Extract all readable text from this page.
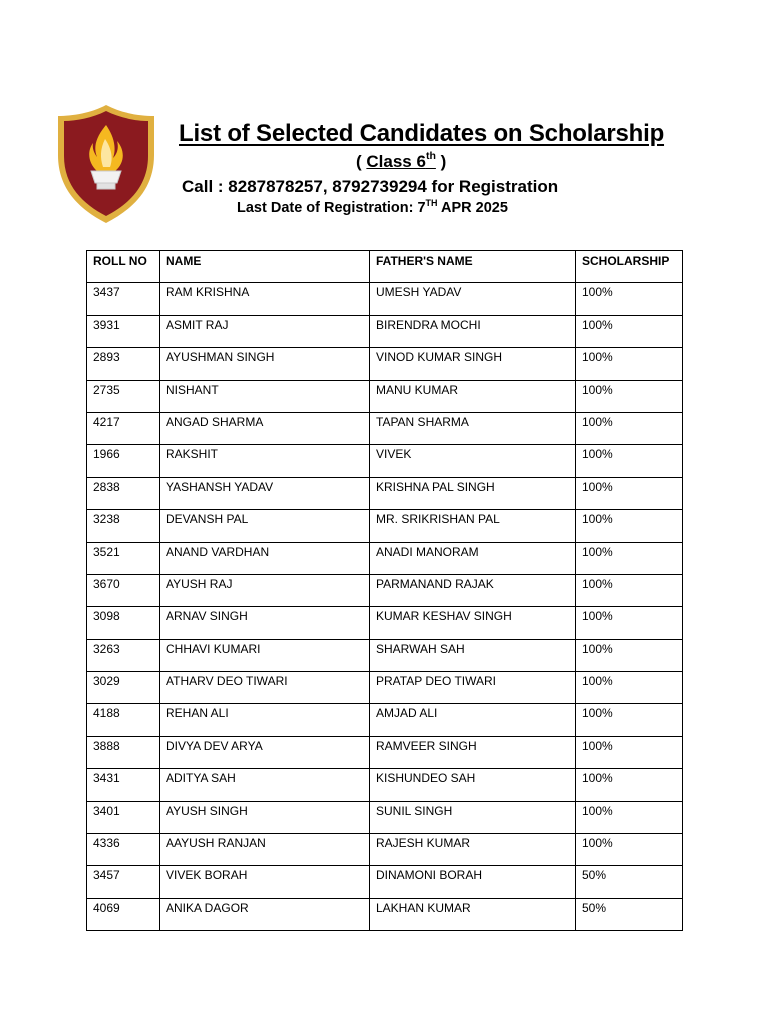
List of Selected Candidates on Scholarship
( Class 6th )
Call : 8287878257, 8792739294 for Registration
Last Date of Registration: 7TH APR 2025
ROLL NO	NAME	FATHER'S NAME	SCHOLARSHIP
3437	RAM KRISHNA	UMESH YADAV	100%
3931	ASMIT RAJ	BIRENDRA MOCHI	100%
2893	AYUSHMAN SINGH	VINOD KUMAR SINGH	100%
2735	NISHANT	MANU KUMAR	100%
4217	ANGAD SHARMA	TAPAN SHARMA	100%
1966	RAKSHIT	VIVEK	100%
2838	YASHANSH YADAV	KRISHNA PAL SINGH	100%
3238	DEVANSH PAL	MR. SRIKRISHAN PAL	100%
3521	ANAND VARDHAN	ANADI MANORAM	100%
3670	AYUSH RAJ	PARMANAND RAJAK	100%
3098	ARNAV SINGH	KUMAR KESHAV SINGH	100%
3263	CHHAVI KUMARI	SHARWAH SAH	100%
3029	ATHARV DEO TIWARI	PRATAP DEO TIWARI	100%
4188	REHAN ALI	AMJAD ALI	100%
3888	DIVYA DEV ARYA	RAMVEER SINGH	100%
3431	ADITYA SAH	KISHUNDEO SAH	100%
3401	AYUSH SINGH	SUNIL SINGH	100%
4336	AAYUSH RANJAN	RAJESH KUMAR	100%
3457	VIVEK BORAH	DINAMONI BORAH	50%
4069	ANIKA DAGOR	LAKHAN KUMAR	50%
